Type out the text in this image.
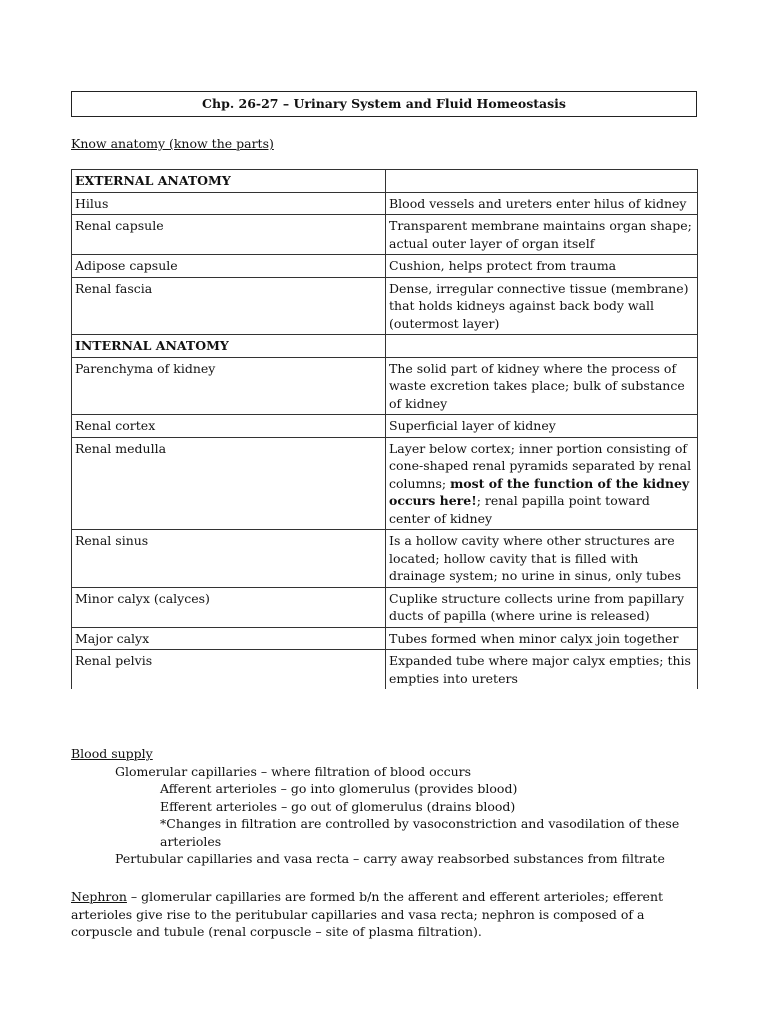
Chp. 26-27 – Urinary System and Fluid Homeostasis
Know anatomy (know the parts)
EXTERNAL ANATOMY	
Hilus	Blood vessels and ureters enter hilus of kidney
Renal capsule	Transparent membrane maintains organ shape; actual outer layer of organ itself
Adipose capsule	Cushion, helps protect from trauma
Renal fascia	Dense, irregular connective tissue (membrane) that holds kidneys against back body wall (outermost layer)
INTERNAL ANATOMY	
Parenchyma of kidney	The solid part of kidney where the process of waste excretion takes place; bulk of substance of kidney
Renal cortex	Superficial layer of kidney
Renal medulla	Layer below cortex; inner portion consisting of cone-shaped renal pyramids separated by renal columns; most of the function of the kidney occurs here!; renal papilla point toward center of kidney
Renal sinus	Is a hollow cavity where other structures are located; hollow cavity that is filled with drainage system; no urine in sinus, only tubes
Minor calyx (calyces)	Cuplike structure collects urine from papillary ducts of papilla (where urine is released)
Major calyx	Tubes formed when minor calyx join together
Renal pelvis	Expanded tube where major calyx empties; this empties into ureters
Blood supply
Glomerular capillaries – where filtration of blood occurs
Afferent arterioles – go into glomerulus (provides blood)
Efferent arterioles – go out of glomerulus (drains blood)
*Changes in filtration are controlled by vasoconstriction and vasodilation of these arterioles
Pertubular capillaries and vasa recta – carry away reabsorbed substances from filtrate
Nephron – glomerular capillaries are formed b/n the afferent and efferent arterioles; efferent arterioles give rise to the peritubular capillaries and vasa recta; nephron is composed of a corpuscle and tubule (renal corpuscle – site of plasma filtration).
